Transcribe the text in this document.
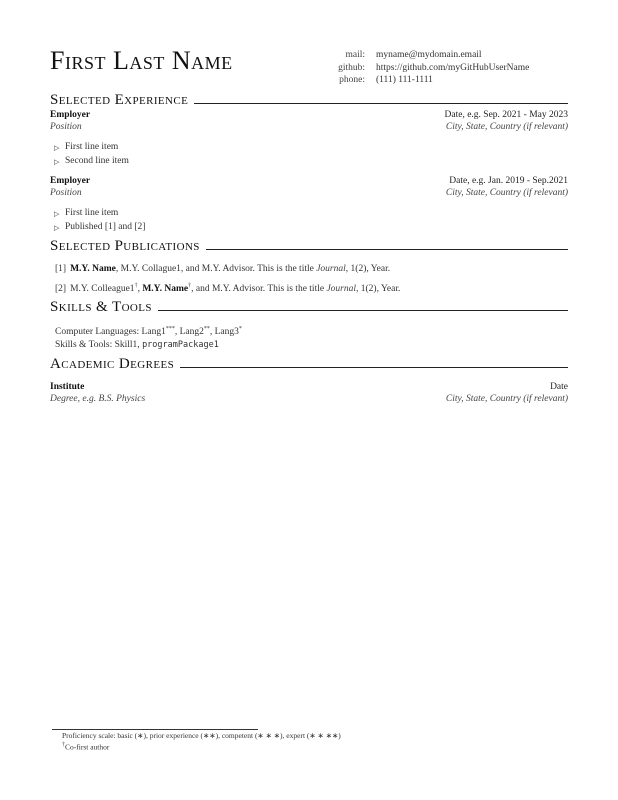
First Last Name	mail:	myname@mydomain.email
github:	https://github.com/myGitHubUserName
phone:	(111) 111-1111
Selected Experience
Employer	Date, e.g. Sep. 2021 - May 2023
Position	City, State, Country (if relevant)
▷ First line item
▷ Second line item
Employer	Date, e.g. Jan. 2019 - Sep.2021
Position	City, State, Country (if relevant)
▷ First line item
▷ Published [1] and [2]
Selected Publications
[1] M.Y. Name, M.Y. Collague1, and M.Y. Advisor. This is the title Journal, 1(2), Year.
[2] M.Y. Colleague1†, M.Y. Name†, and M.Y. Advisor. This is the title Journal, 1(2), Year.
Skills & Tools
Computer Languages: Lang1***, Lang2**, Lang3*
Skills & Tools: Skill1, programPackage1
Academic Degrees
Institute	Date
Degree, e.g. B.S. Physics	City, State, Country (if relevant)
Proficiency scale: basic (∗), prior experience (∗∗), competent (∗ ∗ ∗), expert (∗ ∗ ∗∗)
†Co-first author
